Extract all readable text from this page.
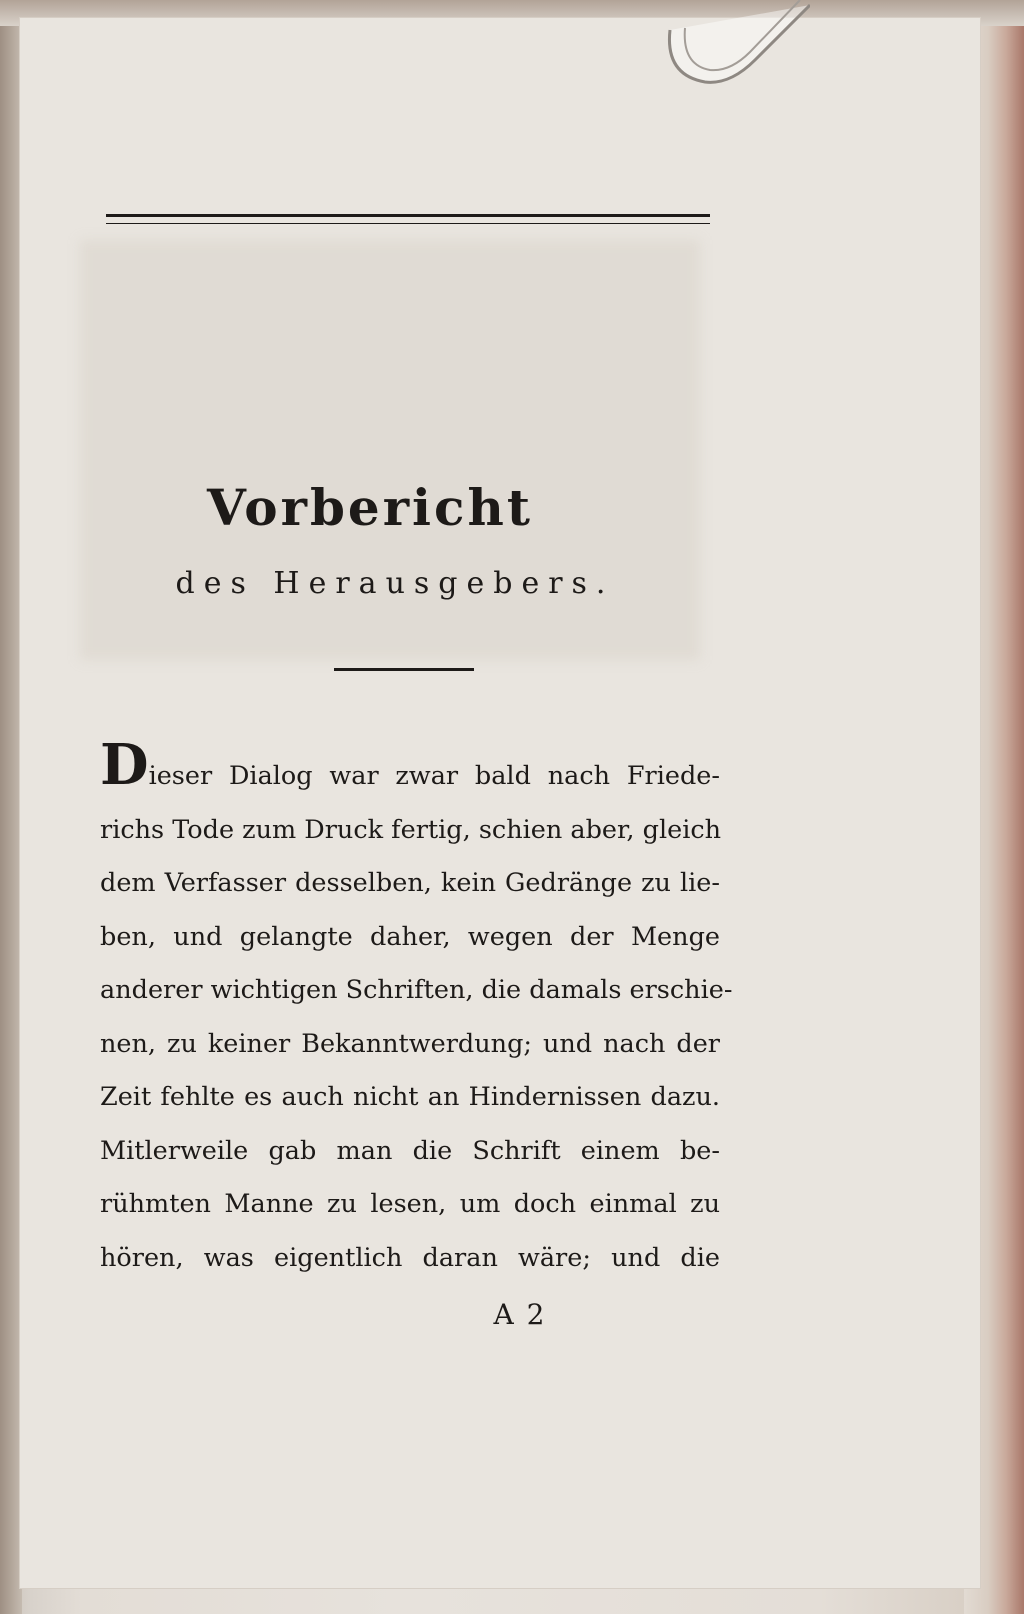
Vorbericht
des Herausgebers.
Dieser Dialog war zwar bald nach Friede-
richs Tode zum Druck fertig, schien aber, gleich
dem Verfasser desselben, kein Gedränge zu lie-
ben, und gelangte daher, wegen der Menge
anderer wichtigen Schriften, die damals erschie-
nen, zu keiner Bekanntwerdung; und nach der
Zeit fehlte es auch nicht an Hindernissen dazu.
Mitlerweile gab man die Schrift einem be-
rühmten Manne zu lesen, um doch einmal zu
hören, was eigentlich daran wäre; und die
A 2
